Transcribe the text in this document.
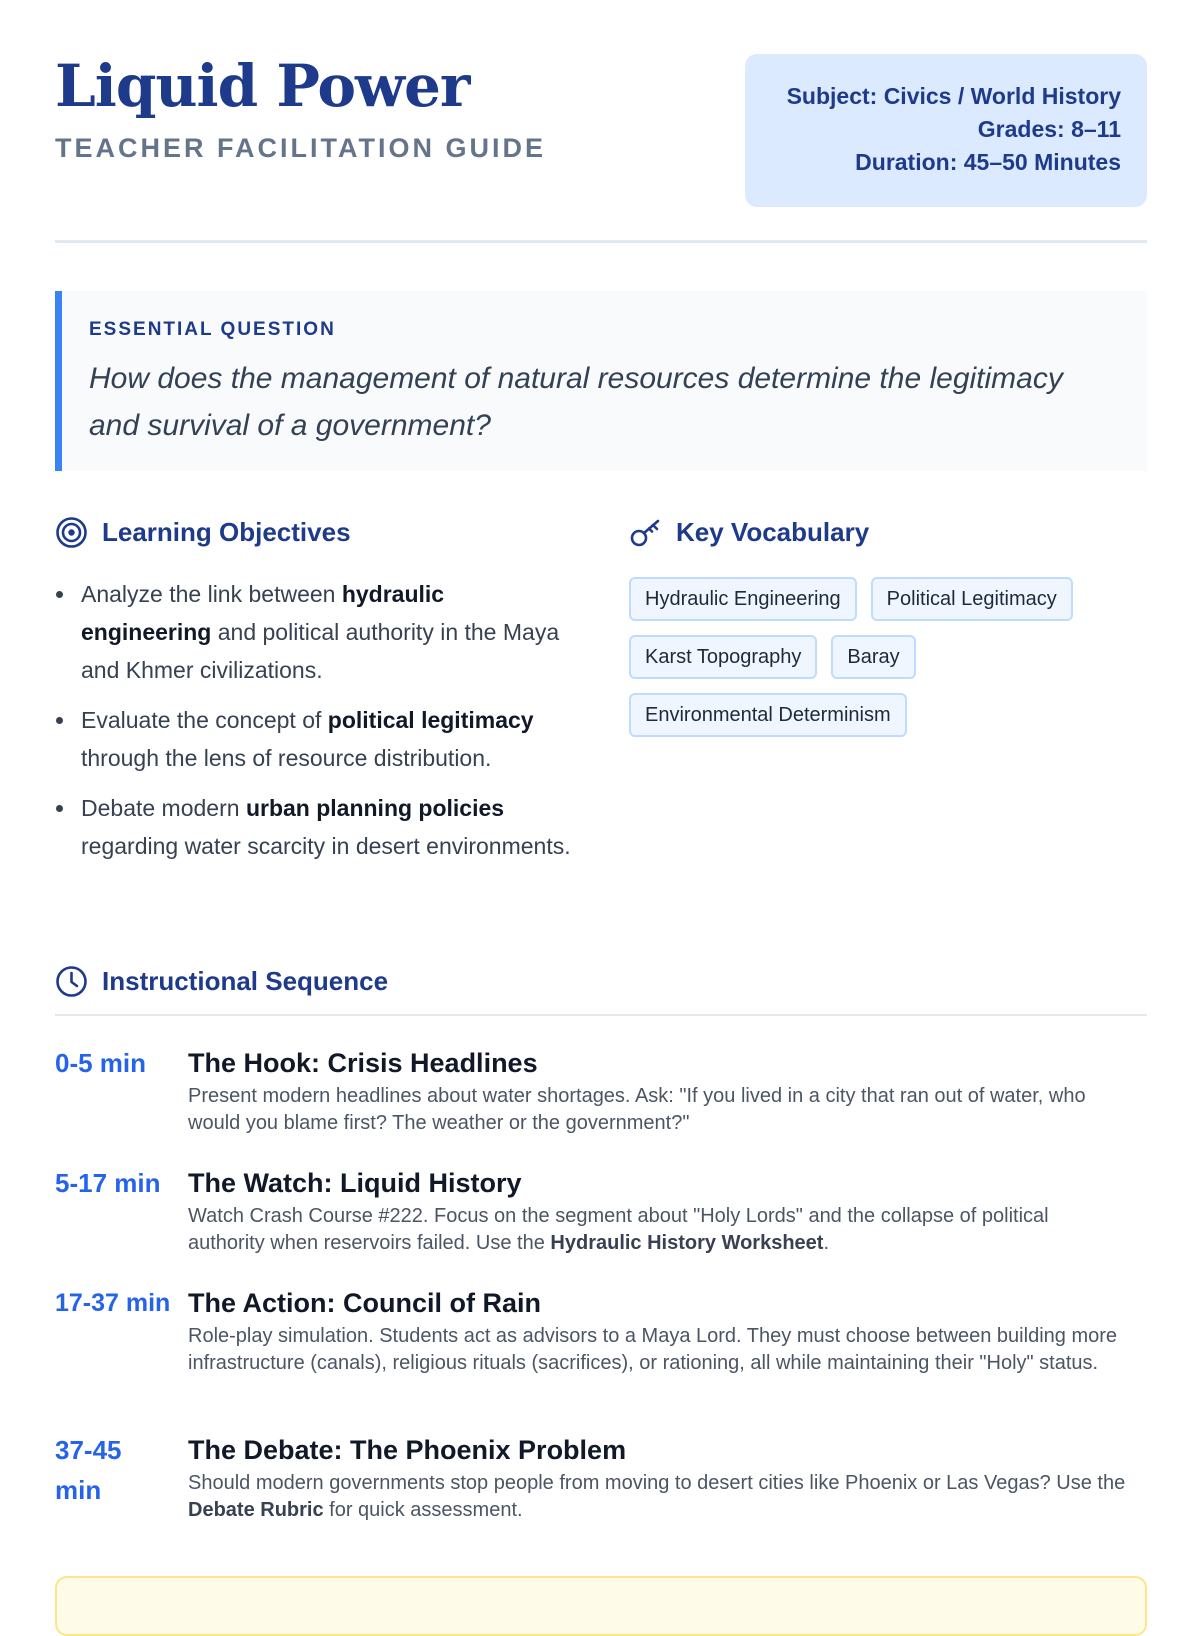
Liquid Power
TEACHER FACILITATION GUIDE
Subject: Civics / World History
Grades: 8–11
Duration: 45–50 Minutes
ESSENTIAL QUESTION
How does the management of natural resources determine the legitimacy and survival of a government?
Learning Objectives
Analyze the link between hydraulic engineering and political authority in the Maya and Khmer civilizations.
Evaluate the concept of political legitimacy through the lens of resource distribution.
Debate modern urban planning policies regarding water scarcity in desert environments.
Key Vocabulary
Hydraulic Engineering	Political Legitimacy
Karst Topography	Baray
Environmental Determinism
Instructional Sequence
0-5 min	The Hook: Crisis Headlines
Present modern headlines about water shortages. Ask: "If you lived in a city that ran out of water, who would you blame first? The weather or the government?"
5-17 min	The Watch: Liquid History
Watch Crash Course #222. Focus on the segment about "Holy Lords" and the collapse of political authority when reservoirs failed. Use the Hydraulic History Worksheet.
17-37 min The Action: Council of Rain
Role-play simulation. Students act as advisors to a Maya Lord. They must choose between building more infrastructure (canals), religious rituals (sacrifices), or rationing, all while maintaining their "Holy" status.
37-45 min
The Debate: The Phoenix Problem
Should modern governments stop people from moving to desert cities like Phoenix or Las Vegas? Use the Debate Rubric for quick assessment.
